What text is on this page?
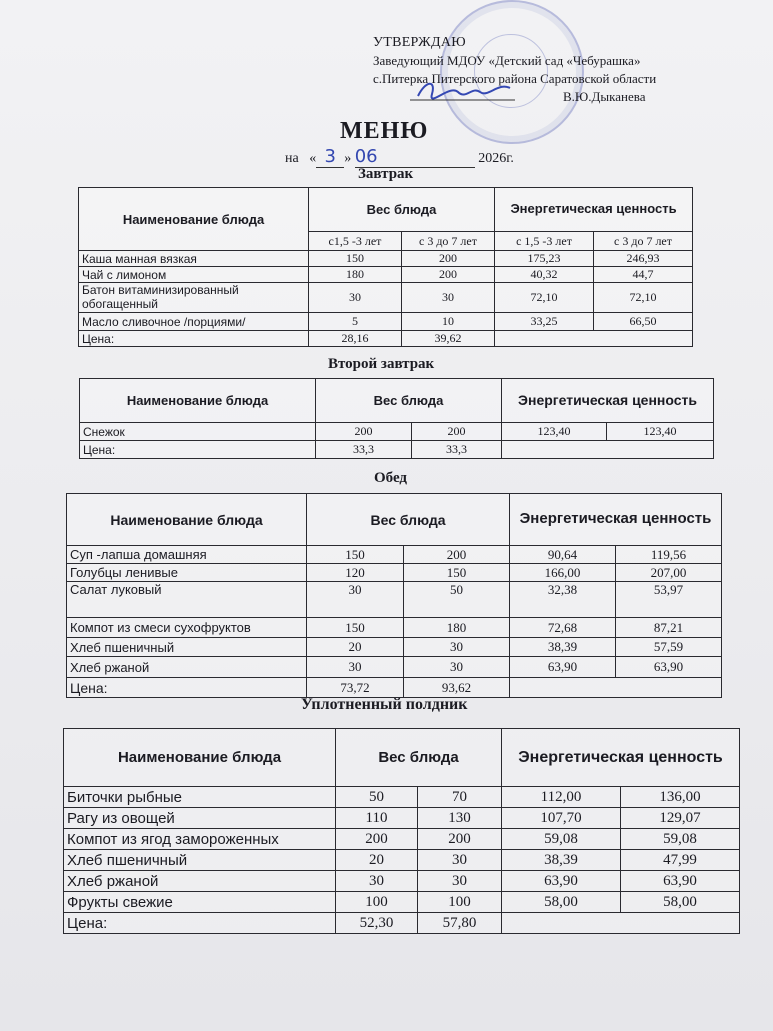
УТВЕРЖДАЮ
Заведующий МДОУ «Детский сад «Чебурашка»
с.Питерка Питерского района Саратовской области
В.Ю.Дыканева
МЕНЮ
на   « 3 » 06	2026г.
Завтрак
Наименование блюда	Вес блюда		Энергетическая ценность	
	с1,5 -3 лет	с 3 до 7 лет	с 1,5 -3 лет	с 3 до 7 лет
Каша манная вязкая	150	200	175,23	246,93
Чай с лимоном	180	200	40,32	44,7
Батон витаминизированный обогащенный	30	30	72,10	72,10
Масло сливочное /порциями/	5	10	33,25	66,50
Цена:	28,16	39,62		
Второй завтрак
Наименование блюда	Вес блюда		Энергетическая ценность	
Снежок	200	200	123,40	123,40
Цена:	33,3	33,3		
Обед
Наименование блюда	Вес блюда		Энергетическая ценность	
Суп -лапша домашняя	150	200	90,64	119,56
Голубцы ленивые	120	150	166,00	207,00
Салат луковый	30	50	32,38	53,97
Компот из смеси сухофруктов	150	180	72,68	87,21
Хлеб пшеничный	20	30	38,39	57,59
Хлеб ржаной	30	30	63,90	63,90
Цена:	73,72	93,62		
Уплотненный полдник
Наименование блюда	Вес блюда		Энергетическая ценность	
Биточки рыбные	50	70	112,00	136,00
Рагу из овощей	110	130	107,70	129,07
Компот из ягод замороженных	200	200	59,08	59,08
Хлеб пшеничный	20	30	38,39	47,99
Хлеб ржаной	30	30	63,90	63,90
Фрукты свежие	100	100	58,00	58,00
Цена:	52,30	57,80		
